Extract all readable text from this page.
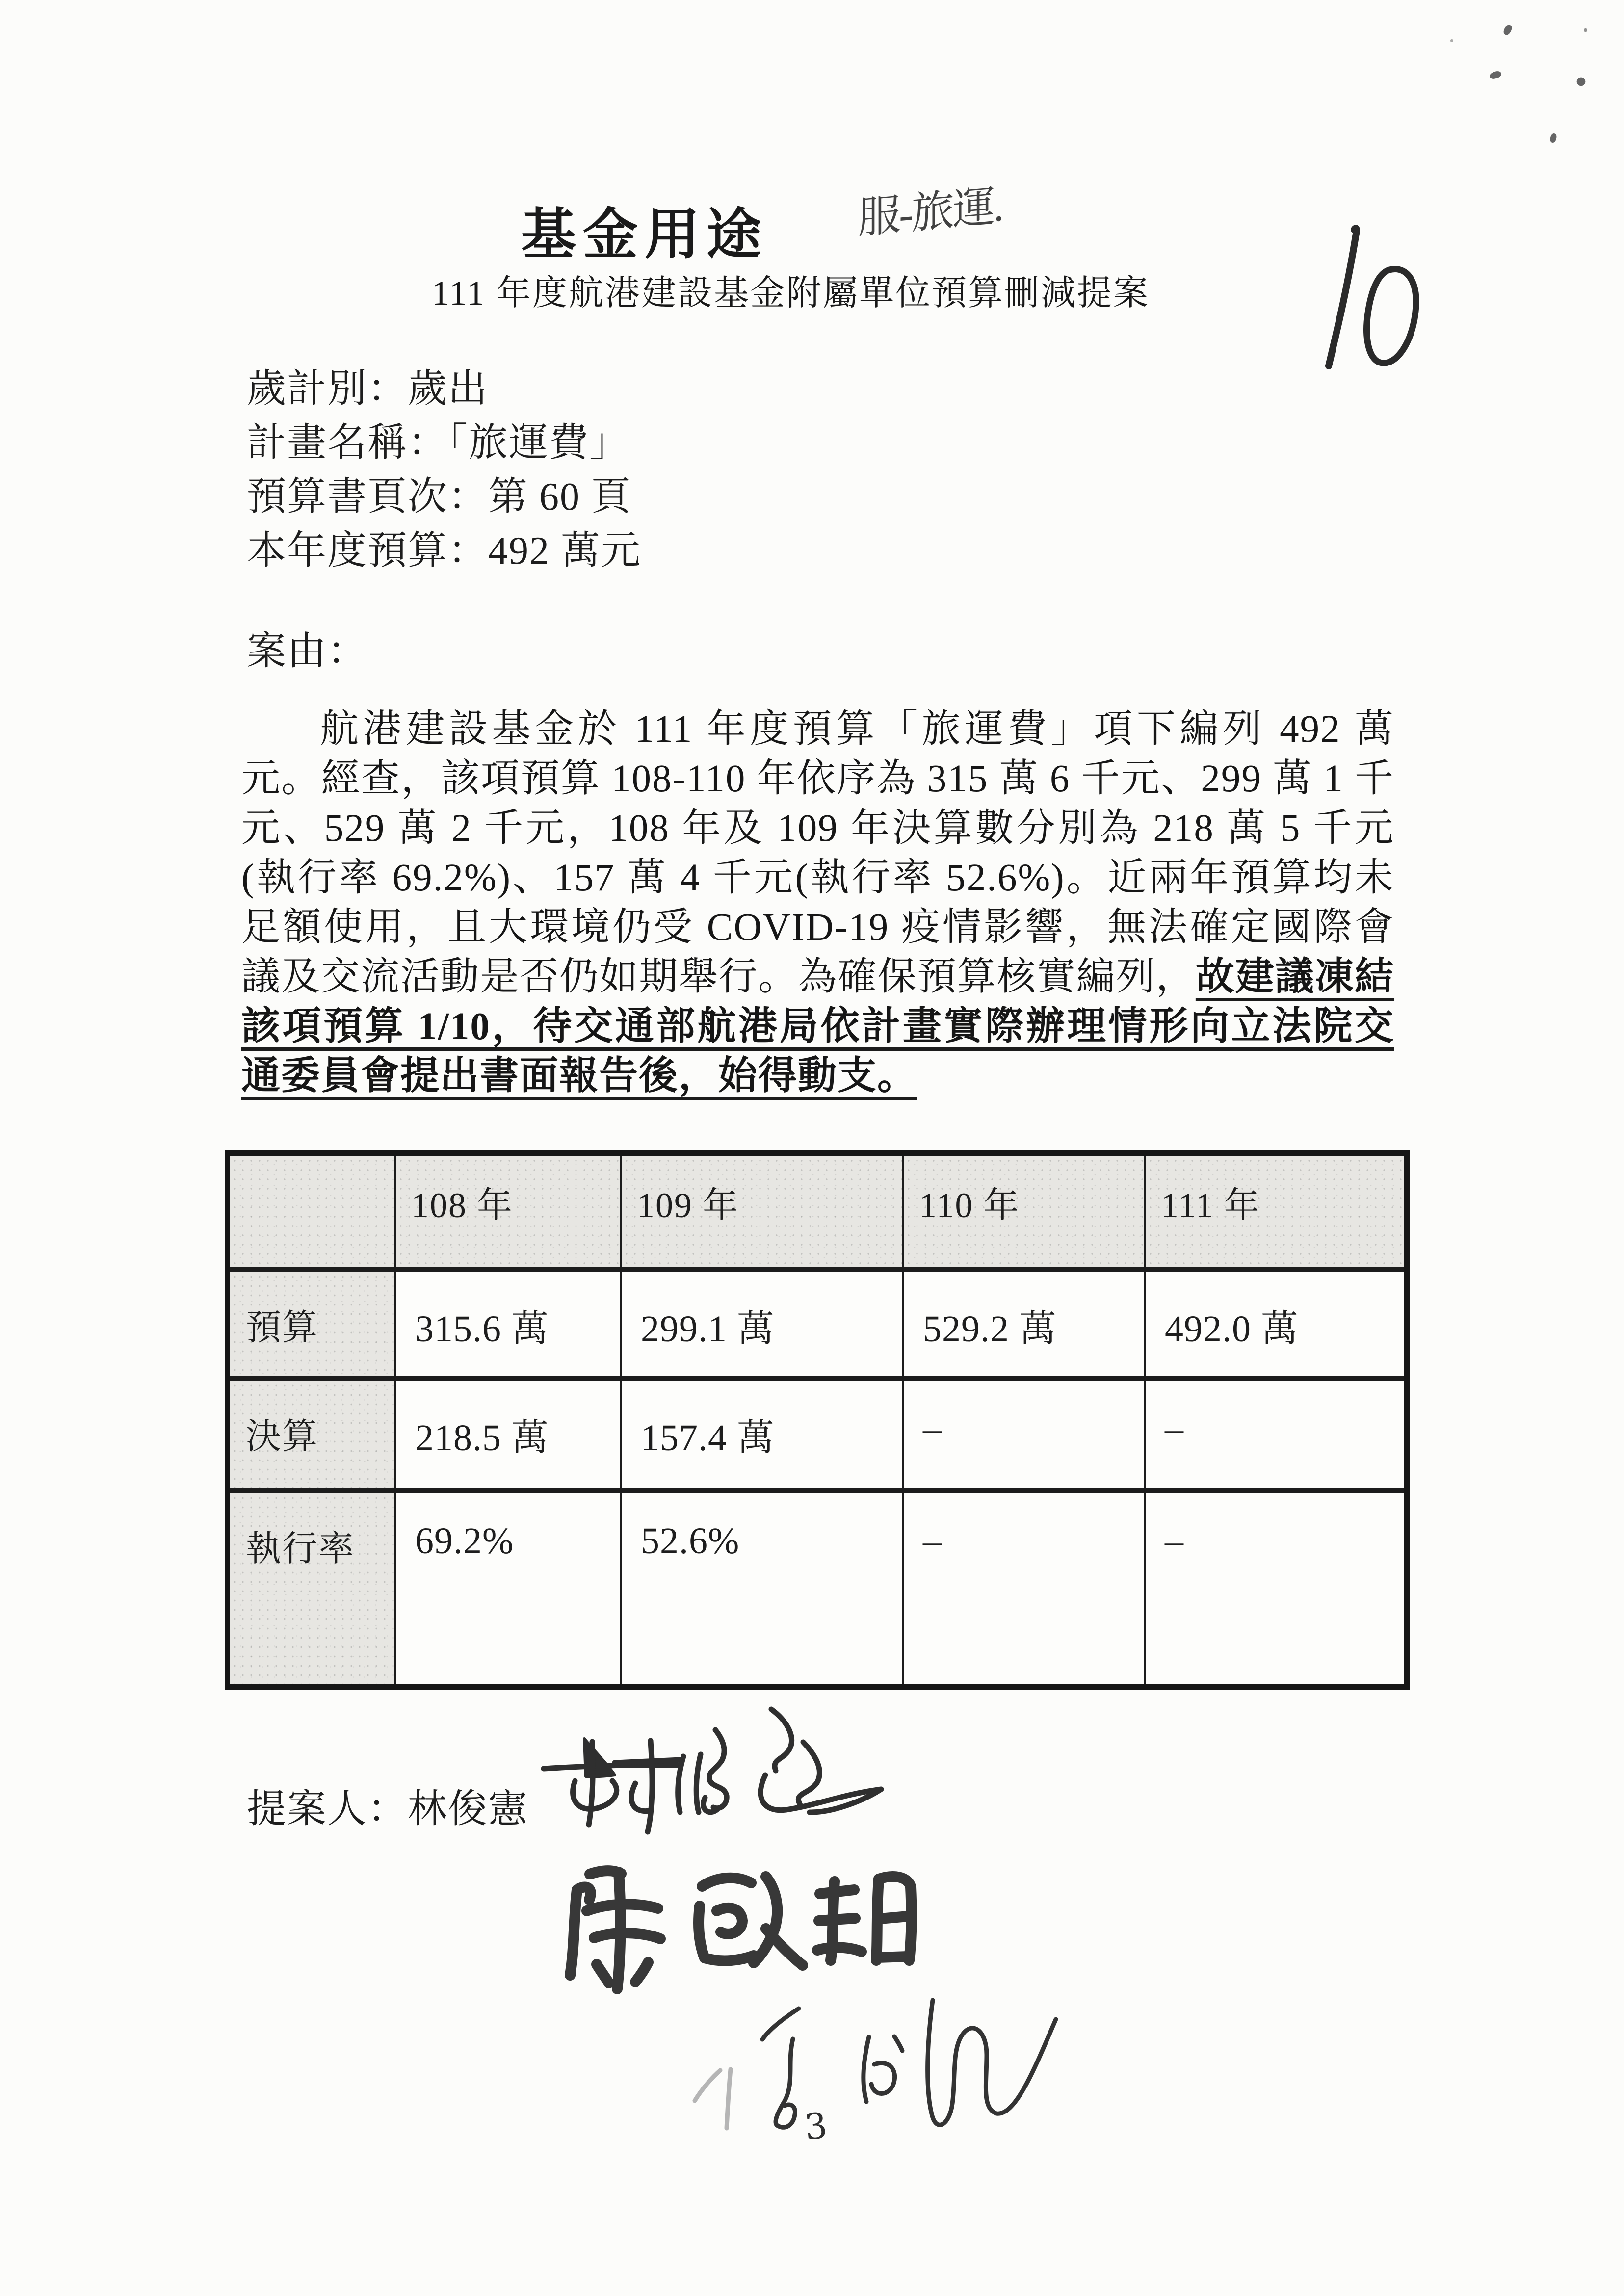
基金用途 服-旅運.
111 年度航港建設基金附屬單位預算刪減提案
歲計別：歲出
計畫名稱：「旅運費」
預算書頁次：第 60 頁
本年度預算：492 萬元
案由：
航港建設基金於 111 年度預算「旅運費」項下編列 492 萬元。經查，該項預算 108-110 年依序為 315 萬 6 千元、299 萬 1 千元、529 萬 2 千元，108 年及 109 年決算數分別為 218 萬 5 千元(執行率 69.2%)、157 萬 4 千元(執行率 52.6%)。近兩年預算均未足額使用，且大環境仍受 COVID-19 疫情影響，無法確定國際會議及交流活動是否仍如期舉行。為確保預算核實編列，故建議凍結該項預算 1/10，待交通部航港局依計畫實際辦理情形向立法院交通委員會提出書面報告後，始得動支。
	108 年	109 年	110 年	111 年
預算	315.6 萬	299.1 萬	529.2 萬	492.0 萬
決算	218.5 萬	157.4 萬	–	–
執行率	69.2%	52.6%	–	–
提案人：林俊憲
3
